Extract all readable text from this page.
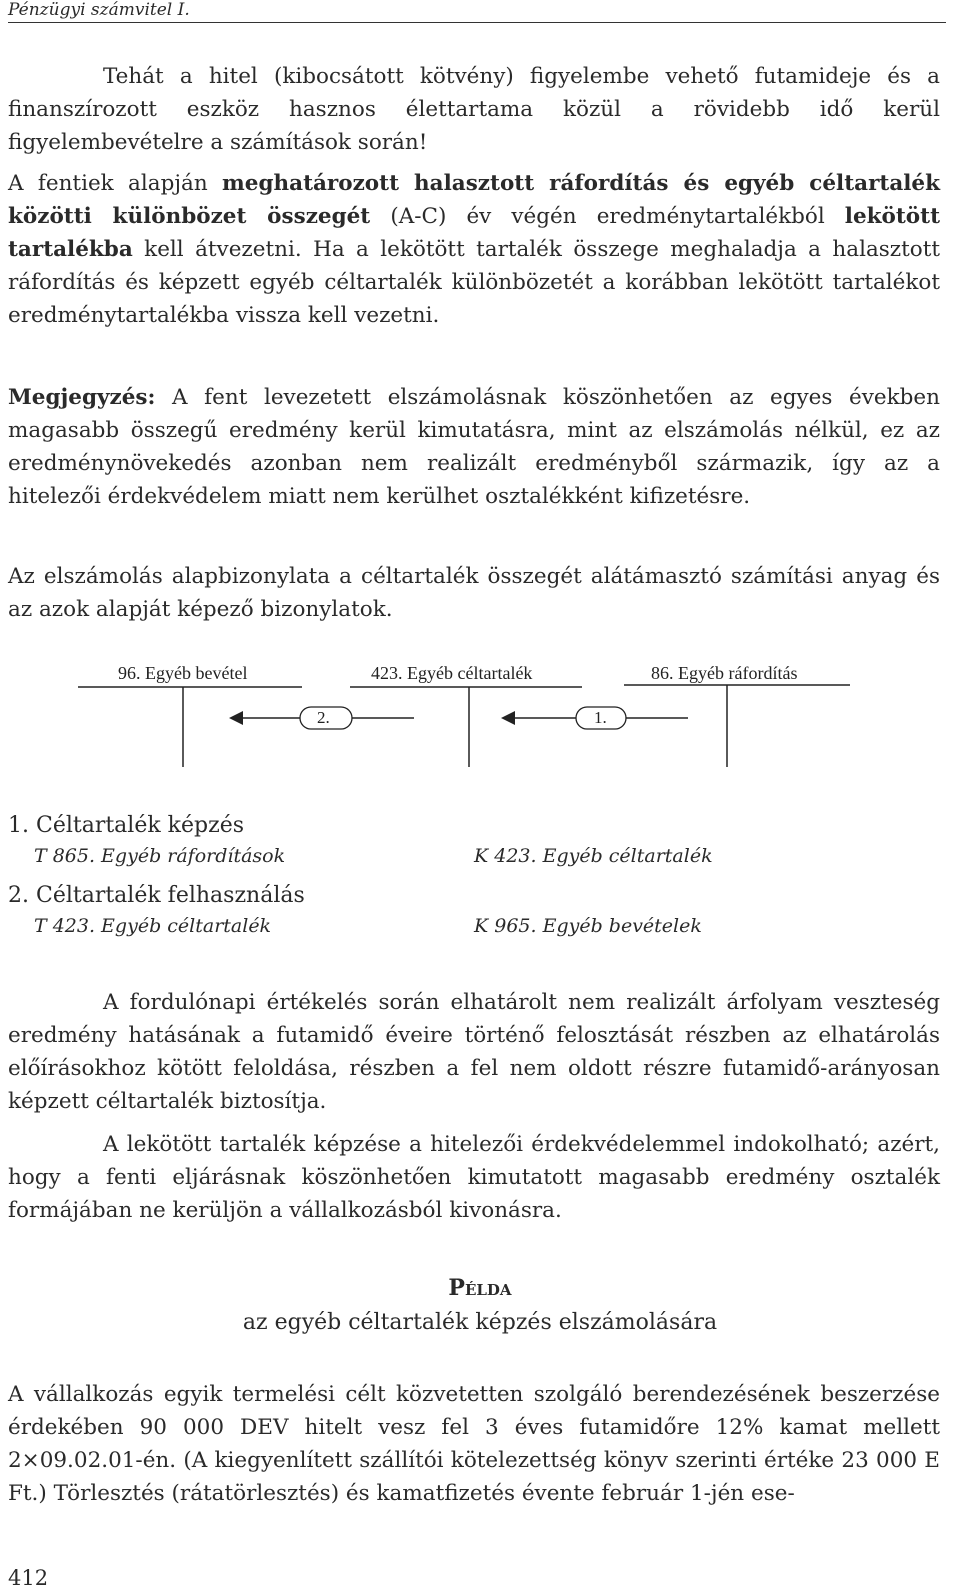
Pénzügyi számvitel I.

Tehát a hitel (kibocsátott kötvény) figyelembe vehető futamideje és a finanszírozott eszköz hasznos élettartama közül a rövidebb idő kerül figyelembevételre a számítások során!

A fentiek alapján meghatározott halasztott ráfordítás és egyéb céltartalék közötti különbözet összegét (A-C) év végén eredménytartalékból lekötött tartalékba kell átvezetni. Ha a lekötött tartalék összege meghaladja a halasztott ráfordítás és képzett egyéb céltartalék különbözetét a korábban lekötött tartalékot eredménytartalékba vissza kell vezetni.

Megjegyzés: A fent levezetett elszámolásnak köszönhetően az egyes években magasabb összegű eredmény kerül kimutatásra, mint az elszámolás nélkül, ez az eredménynövekedés azonban nem realizált eredményből származik, így az a hitelezői érdekvédelem miatt nem kerülhet osztalékként kifizetésre.

Az elszámolás alapbizonylata a céltartalék összegét alátámasztó számítási anyag és az azok alapját képező bizonylatok.

96. Egyéb bevétel	423. Egyéb céltartalék	86. Egyéb ráfordítás
2.	1.

1. Céltartalék képzés

T 865. Egyéb ráfordítások	K 423. Egyéb céltartalék

2. Céltartalék felhasználás

T 423. Egyéb céltartalék	K 965. Egyéb bevételek

A fordulónapi értékelés során elhatárolt nem realizált árfolyam veszteség eredmény hatásának a futamidő éveire történő felosztását részben az elhatárolás előírásokhoz kötött feloldása, részben a fel nem oldott részre futamidő-arányosan képzett céltartalék biztosítja.

A lekötött tartalék képzése a hitelezői érdekvédelemmel indokolható; azért, hogy a fenti eljárásnak köszönhetően kimutatott magasabb eredmény osztalék formájában ne kerüljön a vállalkozásból kivonásra.

Példa

az egyéb céltartalék képzés elszámolására

A vállalkozás egyik termelési célt közvetetten szolgáló berendezésének beszerzése érdekében 90 000 DEV hitelt vesz fel 3 éves futamidőre 12% kamat mellett 2×09.02.01-én. (A kiegyenlített szállítói kötelezettség könyv szerinti értéke 23 000 E Ft.) Törlesztés (rátatörlesztés) és kamatfizetés évente február 1-jén ese-

412
